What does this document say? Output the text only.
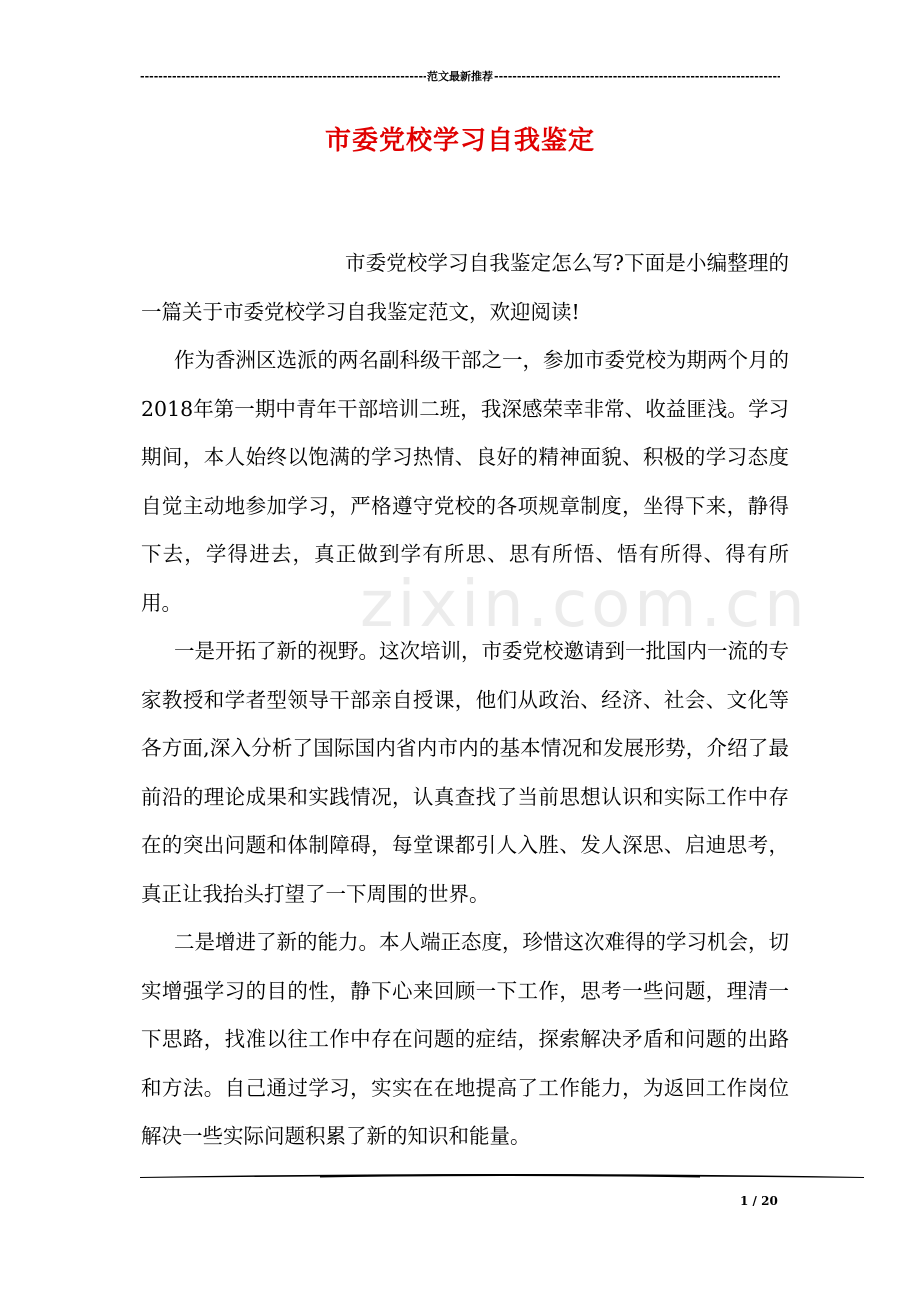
-----
范文最新推荐
-----
市委党校学习自我鉴定
zixin.com.cn

市委党校学习自我鉴定怎么写?下面是小编整理的一篇关于市委党校学习自我鉴定范文，欢迎阅读!

作为香洲区选派的两名副科级干部之一，参加市委党校为期两个月的2018年第一期中青年干部培训二班，我深感荣幸非常、收益匪浅。学习期间，本人始终以饱满的学习热情、良好的精神面貌、积极的学习态度自觉主动地参加学习，严格遵守党校的各项规章制度，坐得下来，静得下去，学得进去，真正做到学有所思、思有所悟、悟有所得、得有所用。

一是开拓了新的视野。这次培训，市委党校邀请到一批国内一流的专家教授和学者型领导干部亲自授课，他们从政治、经济、社会、文化等各方面,深入分析了国际国内省内市内的基本情况和发展形势，介绍了最前沿的理论成果和实践情况，认真查找了当前思想认识和实际工作中存在的突出问题和体制障碍，每堂课都引人入胜、发人深思、启迪思考，真正让我抬头打望了一下周围的世界。

二是增进了新的能力。本人端正态度，珍惜这次难得的学习机会，切实增强学习的目的性，静下心来回顾一下工作，思考一些问题，理清一下思路，找准以往工作中存在问题的症结，探索解决矛盾和问题的出路和方法。自己通过学习，实实在在地提高了工作能力，为返回工作岗位解决一些实际问题积累了新的知识和能量。

1 / 20
